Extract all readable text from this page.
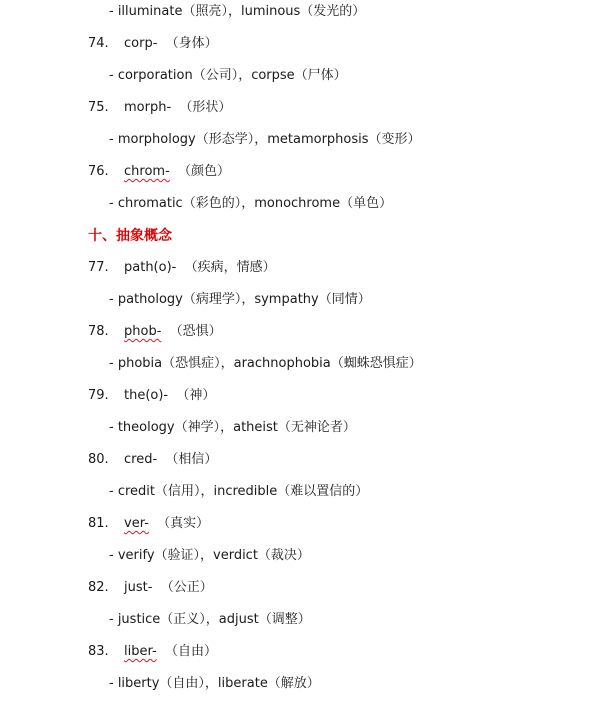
- illuminate（照亮），luminous（发光的）
74. corp- （身体）
- corporation（公司），corpse（尸体）
75. morph- （形状）
- morphology（形态学），metamorphosis（变形）
76. chrom- （颜色）
- chromatic（彩色的），monochrome（单色）
十、抽象概念
77. path(o)- （疾病，情感）
- pathology（病理学），sympathy（同情）
78. phob- （恐惧）
- phobia（恐惧症），arachnophobia（蜘蛛恐惧症）
79. the(o)- （神）
- theology（神学），atheist（无神论者）
80. cred- （相信）
- credit（信用），incredible（难以置信的）
81. ver- （真实）
- verify（验证），verdict（裁决）
82. just- （公正）
- justice（正义），adjust（调整）
83. liber- （自由）
- liberty（自由），liberate（解放）
